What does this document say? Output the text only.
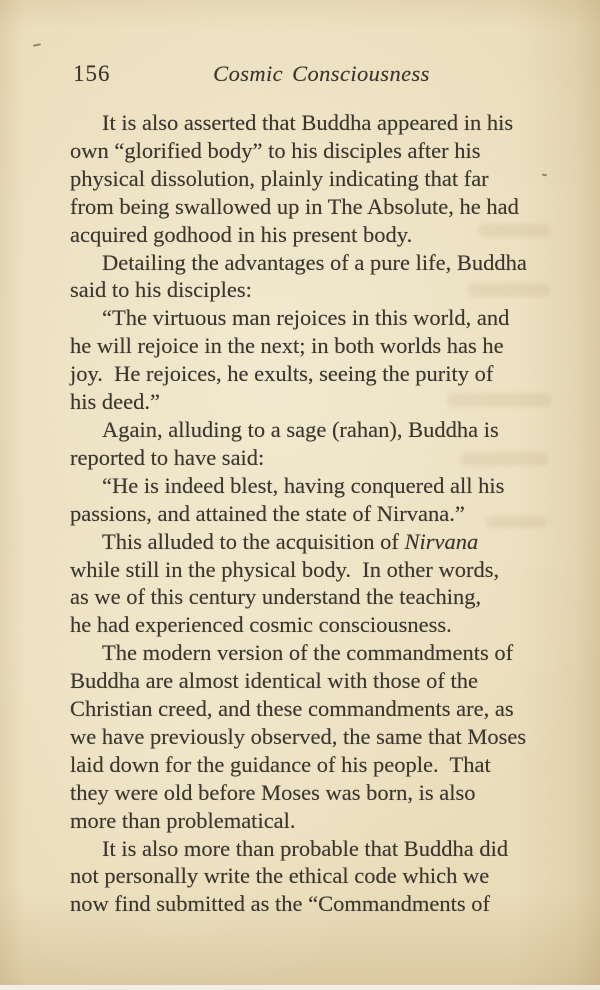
156	Cosmic Consciousness
It is also asserted that Buddha appeared in his
own “glorified body” to his disciples after his
physical dissolution, plainly indicating that far
from being swallowed up in The Absolute, he had
acquired godhood in his present body.
Detailing the advantages of a pure life, Buddha
said to his disciples:
“The virtuous man rejoices in this world, and
he will rejoice in the next; in both worlds has he
joy.  He rejoices, he exults, seeing the purity of
his deed.”
Again, alluding to a sage (rahan), Buddha is
reported to have said:
“He is indeed blest, having conquered all his
passions, and attained the state of Nirvana.”
This alluded to the acquisition of Nirvana
while still in the physical body.  In other words,
as we of this century understand the teaching,
he had experienced cosmic consciousness.
The modern version of the commandments of
Buddha are almost identical with those of the
Christian creed, and these commandments are, as
we have previously observed, the same that Moses
laid down for the guidance of his people.  That
they were old before Moses was born, is also
more than problematical.
It is also more than probable that Buddha did
not personally write the ethical code which we
now find submitted as the “Commandments of
